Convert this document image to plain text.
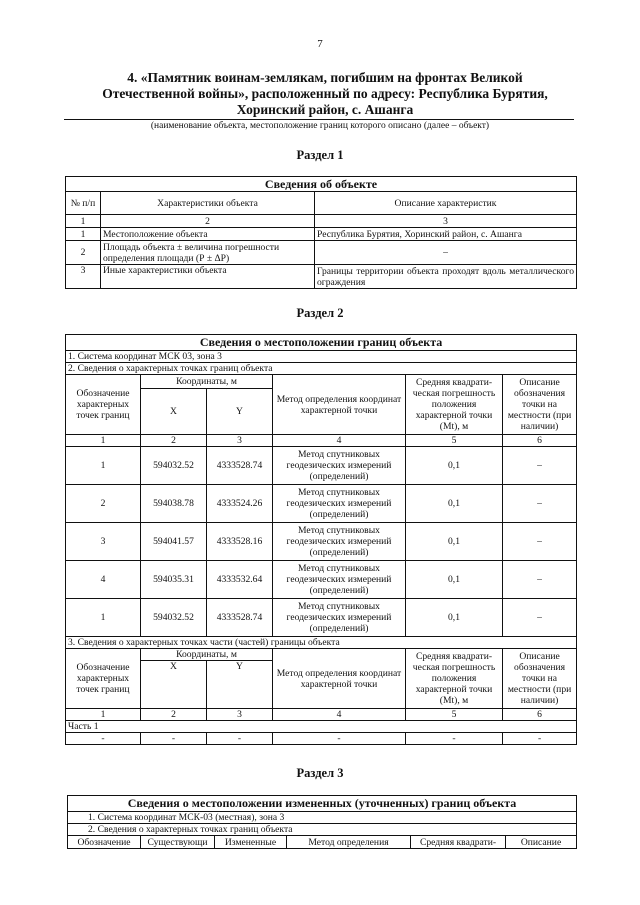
7
4. «Памятник воинам-землякам, погибшим на фронтах Великой Отечественной войны», расположенный по адресу: Республика Бурятия, Хоринский район, с. Ашанга
(наименование объекта, местоположение границ которого описано (далее – объект)
Раздел 1
Сведения об объекте		
№ п/п	Характеристики объекта	Описание характеристик
1	2	3
1	Местоположение объекта	Республика Бурятия, Хоринский район, с. Ашанга
2	Площадь объекта ± величина погрешности определения площади (Р ± ΔР)	–
3	Иные характеристики объекта	Границы территории объекта проходят вдоль металлического ограждения
Раздел 2
Сведения о местоположении границ объекта					
1. Система координат МСК 03, зона 3					
2. Сведения о характерных точках границ объекта					
Обозначение характерных точек границ	Координаты, м		Метод определения координат характерной точки	Средняя квадрати-ческая погрешность положения характерной точки (Mt), м	Описание обозначения точки на местности (при наличии)
	X	Y			
1	2	3	4	5	6
1	594032.52	4333528.74	Метод спутниковых геодезических измерений (определений)	0,1	–
2	594038.78	4333524.26	Метод спутниковых геодезических измерений (определений)	0,1	–
3	594041.57	4333528.16	Метод спутниковых геодезических измерений (определений)	0,1	–
4	594035.31	4333532.64	Метод спутниковых геодезических измерений (определений)	0,1	–
1	594032.52	4333528.74	Метод спутниковых геодезических измерений (определений)	0,1	–
3. Сведения о характерных точках части (частей) границы объекта					
Обозначение характерных точек границ	Координаты, м		Метод определения координат характерной точки	Средняя квадрати-ческая погрешность положения характерной точки (Mt), м	Описание обозначения точки на местности (при наличии)
	X	Y			
1	2	3	4	5	6
Часть 1					
-	-	-	-	-	-
Раздел 3
Сведения о местоположении измененных (уточненных) границ объекта
1. Система координат МСК-03 (местная), зона 3
2. Сведения о характерных точках границ объекта
Обозначение	Существующи	Измененные	Метод определения	Средняя квадрати-	Описание
